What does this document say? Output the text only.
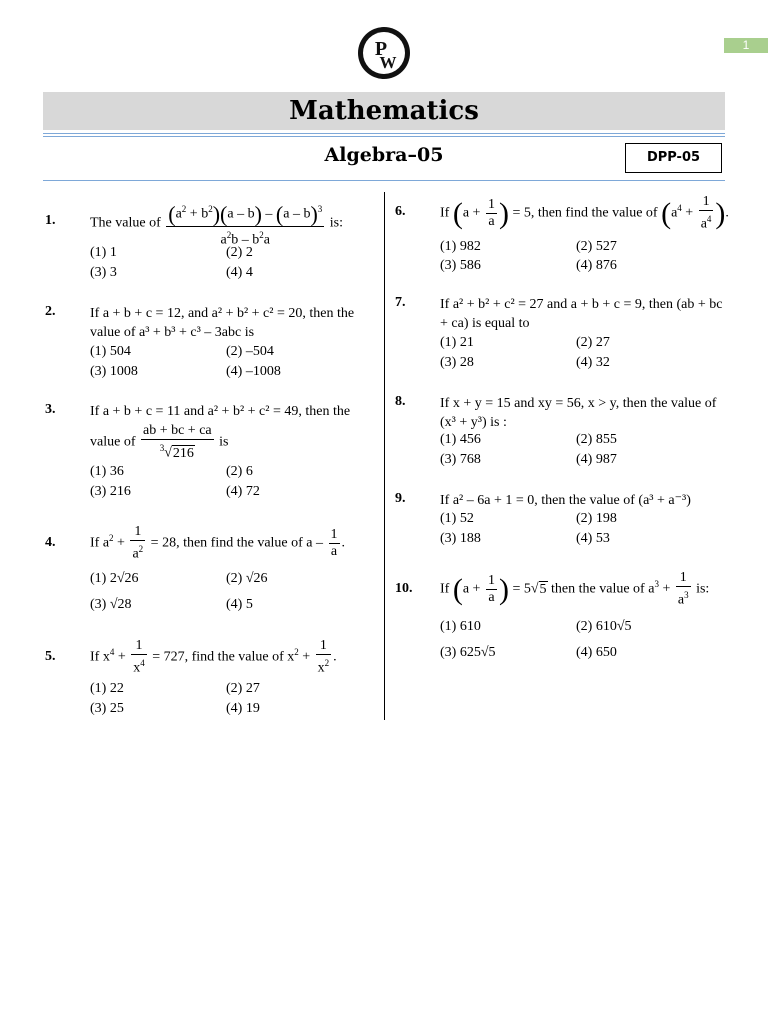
1
P
W
Mathematics
Algebra–05	DPP-05
1. The value of $\frac{(a^2 + b^2)(a - b) - (a - b)^3}{a^2b - b^2a}$ is:
(1) 1	(2) 2
(3) 3	(4) 4
2. If a + b + c = 12, and a² + b² + c² = 20, then the
value of a³ + b³ + c³ – 3abc is
(1) 504	(2) –504
(3) 1008	(4) –1008
3. If a + b + c = 11 and a² + b² + c² = 49, then the
value of $\frac{ab + bc + ca}{^3√216}$ is
(1) 36	(2) 6
(3) 216	(4) 72
4. If $a^2 + \frac{1}{a^2} = 28$, then find the value of a – $\frac{1}{a}$ .
(1) 2√26	(2) √26
(3) √28	(4) 5
5. If $x^4 + \frac{1}{x^4} = 727$, find the value of $x^2 + \frac{1}{x^2}$ .
(1) 22	(2) 27
(3) 25	(4) 19
6. If ($a + \frac{1}{a}$ ) = 5, then find the value of ($a^4 + \frac{1}{a^4}$ ).
(1) 982	(2) 527
(3) 586	(4) 876
7. If a² + b² + c² = 27 and a + b + c = 9, then (ab + bc
+ ca) is equal to
(1) 21	(2) 27
(3) 28	(4) 32
8. If x + y = 15 and xy = 56, x > y, then the value of
(x³ + y³) is :
(1) 456	(2) 855
(3) 768	(4) 987
9. If a² – 6a + 1 = 0, then the value of (a³ + a⁻³)
(1) 52	(2) 198
(3) 188	(4) 53
10. If ($a + \frac{1}{a}$ ) = 5√5 then the value of $a^3 + \frac{1}{a^3}$ is:
(1) 610	(2) 610√5
(3) 625√5	(4) 650
